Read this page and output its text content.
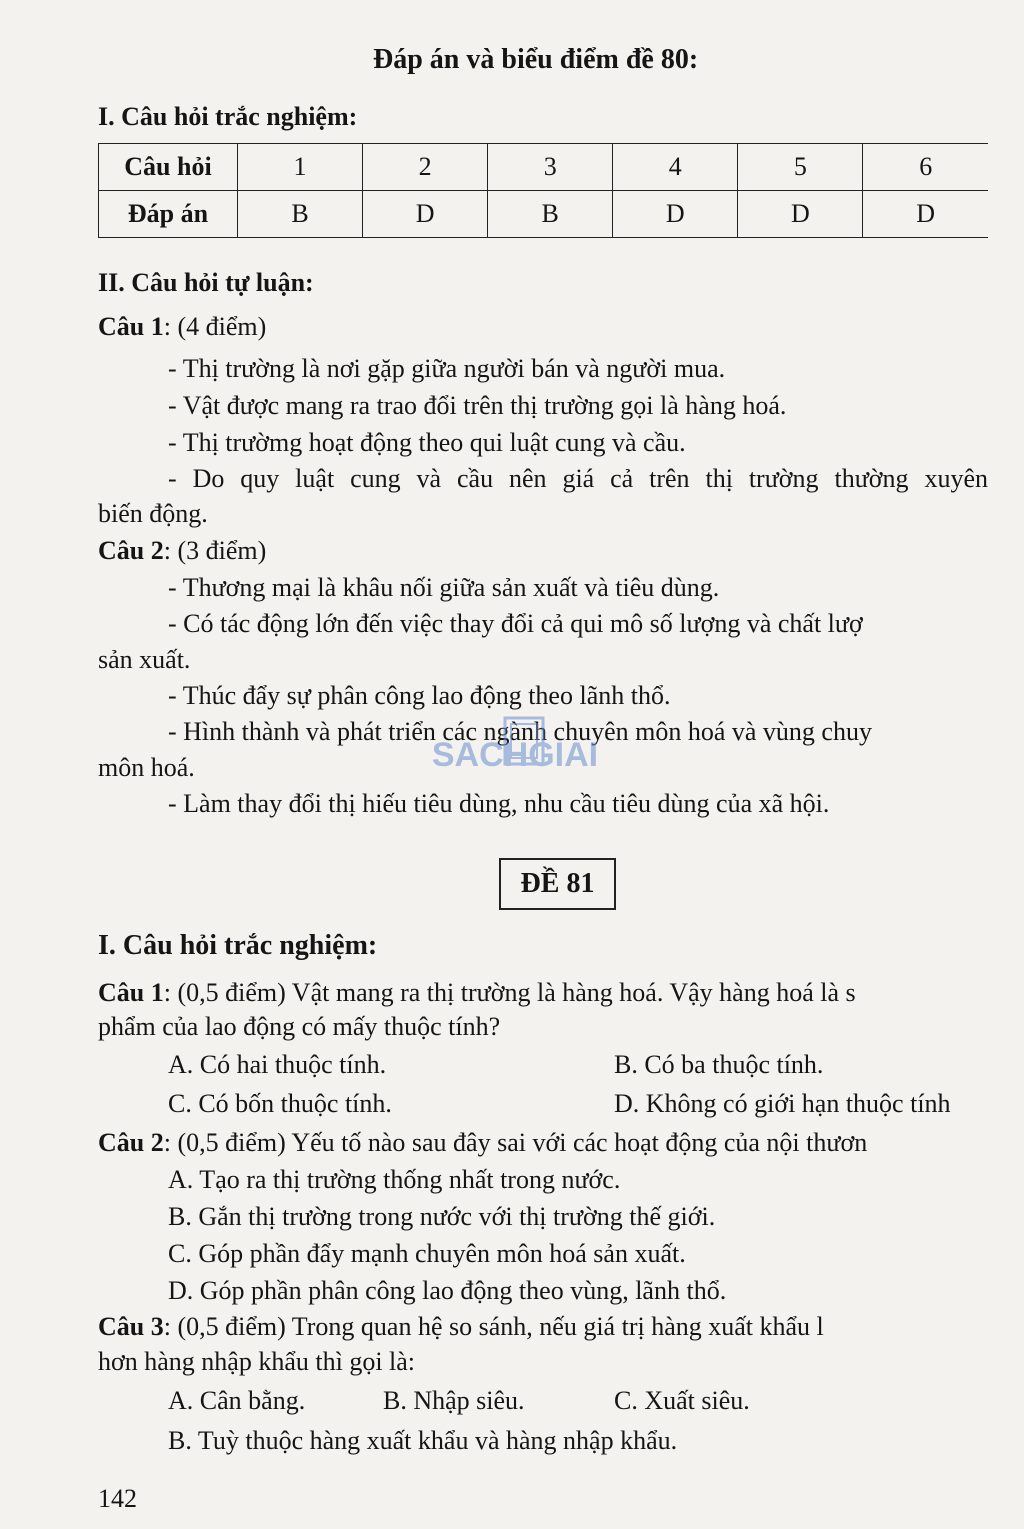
Đáp án và biểu điểm đề 80:
I. Câu hỏi trắc nghiệm:
Câu hỏi	1	2	3	4	5	6
Đáp án	B	D	B	D	D	D
II. Câu hỏi tự luận:
Câu 1: (4 điểm)
- Thị trường là nơi gặp giữa người bán và người mua.
- Vật được mang ra trao đổi trên thị trường gọi là hàng hoá.
- Thị trườmg hoạt động theo qui luật cung và cầu.
- Do quy luật cung và cầu nên giá cả trên thị trường thường xuyên
biến động.
Câu 2: (3 điểm)
- Thương mại là khâu nối giữa sản xuất và tiêu dùng.
- Có tác động lớn đến việc thay đổi cả qui mô số lượng và chất lượ
sản xuất.
- Thúc đẩy sự phân công lao động theo lãnh thổ.
- Hình thành và phát triển các ngành chuyên môn hoá và vùng chuy
môn hoá.
- Làm thay đổi thị hiếu tiêu dùng, nhu cầu tiêu dùng của xã hội.
SACHGIAI
ĐỀ 81
I. Câu hỏi trắc nghiệm:
Câu 1: (0,5 điểm) Vật mang ra thị trường là hàng hoá. Vậy hàng hoá là s
phẩm của lao động có mấy thuộc tính?
A. Có hai thuộc tính.	B. Có ba thuộc tính.
C. Có bốn thuộc tính.	D. Không có giới hạn thuộc tính
Câu 2: (0,5 điểm) Yếu tố nào sau đây sai với các hoạt động của nội thươn
A. Tạo ra thị trường thống nhất trong nước.
B. Gắn thị trường trong nước với thị trường thế giới.
C. Góp phần đẩy mạnh chuyên môn hoá sản xuất.
D. Góp phần phân công lao động theo vùng, lãnh thổ.
Câu 3: (0,5 điểm) Trong quan hệ so sánh, nếu giá trị hàng xuất khẩu l
hơn hàng nhập khẩu thì gọi là:
A. Cân bằng.	B. Nhập siêu.	C. Xuất siêu.
B. Tuỳ thuộc hàng xuất khẩu và hàng nhập khẩu.
142
